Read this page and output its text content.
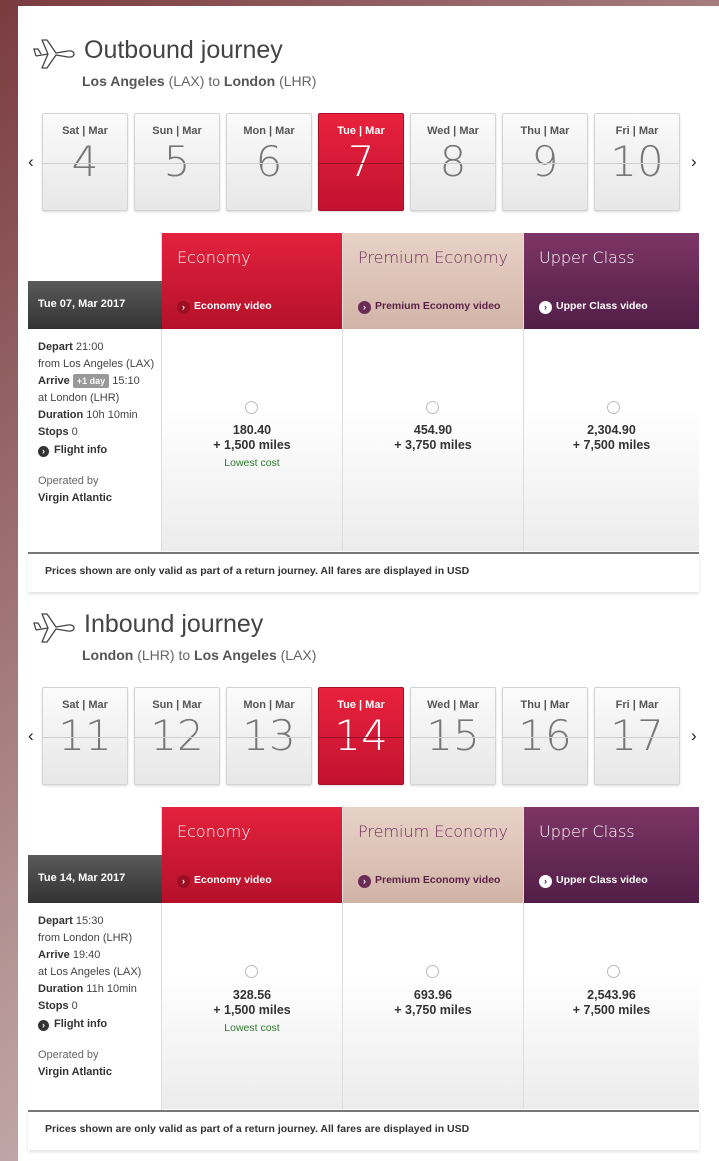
Outbound journey
Los Angeles (LAX) to London (LHR)
‹
Sat | Mar
4
Sun | Mar
5
Mon | Mar
6
Tue | Mar
7
Wed | Mar
8
Thu | Mar
9
Fri | Mar
10	›
Tue 07, Mar 2017
Depart 21:00
from Los Angeles (LAX)
Arrive +1 day 15:10
at London (LHR)
Duration 10h 10min
Stops 0
› Flight info
Operated by
Virgin Atlantic
Economy
› Economy video
180.40
+ 1,500 miles
Lowest cost
Premium Economy
› Premium Economy video
454.90
+ 3,750 miles
Upper Class
› Upper Class video
2,304.90
+ 7,500 miles
Prices shown are only valid as part of a return journey. All fares are displayed in USD
Inbound journey
London (LHR) to Los Angeles (LAX)
‹
Sat | Mar
11
Sun | Mar
12
Mon | Mar
13
Tue | Mar
14
Wed | Mar
15
Thu | Mar
16
Fri | Mar
17	›
Tue 14, Mar 2017
Depart 15:30
from London (LHR)
Arrive 19:40
at Los Angeles (LAX)
Duration 11h 10min
Stops 0
› Flight info
Operated by
Virgin Atlantic
Economy
› Economy video
328.56
+ 1,500 miles
Lowest cost
Premium Economy
› Premium Economy video
693.96
+ 3,750 miles
Upper Class
› Upper Class video
2,543.96
+ 7,500 miles
Prices shown are only valid as part of a return journey. All fares are displayed in USD
